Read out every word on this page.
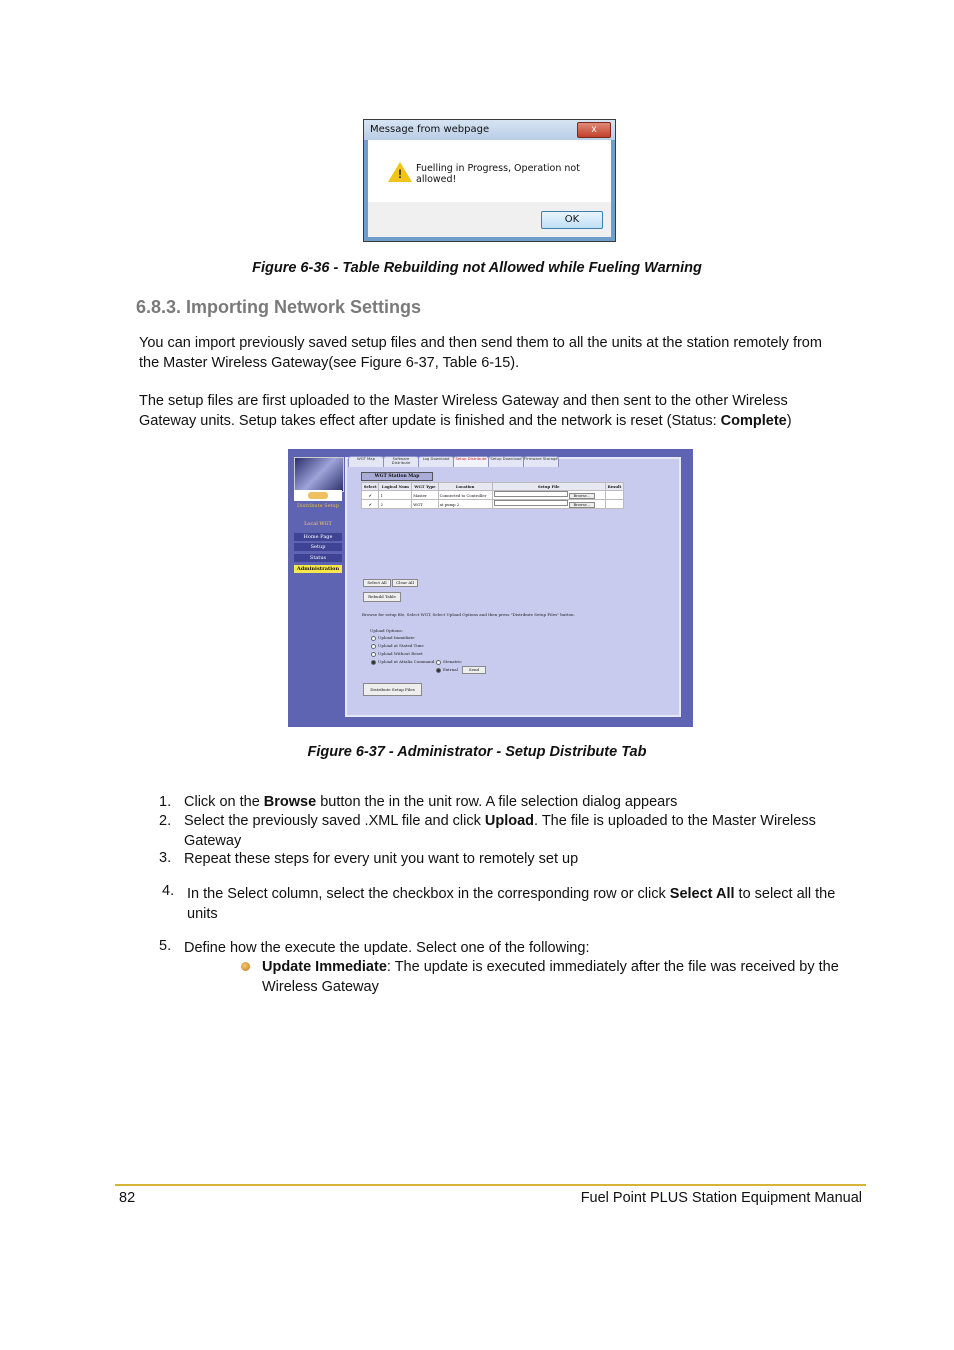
Message from webpage	x
! Fuelling in Progress, Operation not allowed!
OK
Figure 6-36 - Table Rebuilding not Allowed while Fueling Warning
6.8.3. Importing Network Settings
You can import previously saved setup files and then send them to all the units at the station remotely from the Master Wireless Gateway(see Figure 6-37, Table 6-15).
The setup files are first uploaded to the Master Wireless Gateway and then sent to the other Wireless Gateway units. Setup takes effect after update is finished and the network is reset (Status: Complete)
Distribute Setup
Local WGT
Home Page
Setup
Status
Administration
WGT Map	Software Distribute
Log Download	Setup Distribute	Setup Download Firmware Storage
WGT Station Map
Select	Logical Num	WGT Type	Location	Setup File	Result
✔	1	Master	Connected to Controller	Browse...	
✔	2	WGT	at pump 2	Browse...	
Select All	Clear All
Rebuild Table
Browse for setup file, Select WGT, Select Upload Options and then press "Distribute Setup Files" button.
Upload Options:
Upload Immidiate
Upload at Stated Time
Upload Without Reset
Upload at Attalia Command	Stenatric
Extrnal	Send
Distribute Setup Files
Figure 6-37 - Administrator - Setup Distribute Tab
1. Click on the Browse button the in the unit row. A file selection dialog appears
2. Select the previously saved .XML file and click Upload. The file is uploaded to the Master Wireless Gateway
3. Repeat these steps for every unit you want to remotely set up
4. In the Select column, select the checkbox in the corresponding row or click Select All to select all the units
5. Define how the execute the update. Select one of the following:
Update Immediate: The update is executed immediately after the file was received by the Wireless Gateway
82	Fuel Point PLUS Station Equipment Manual
